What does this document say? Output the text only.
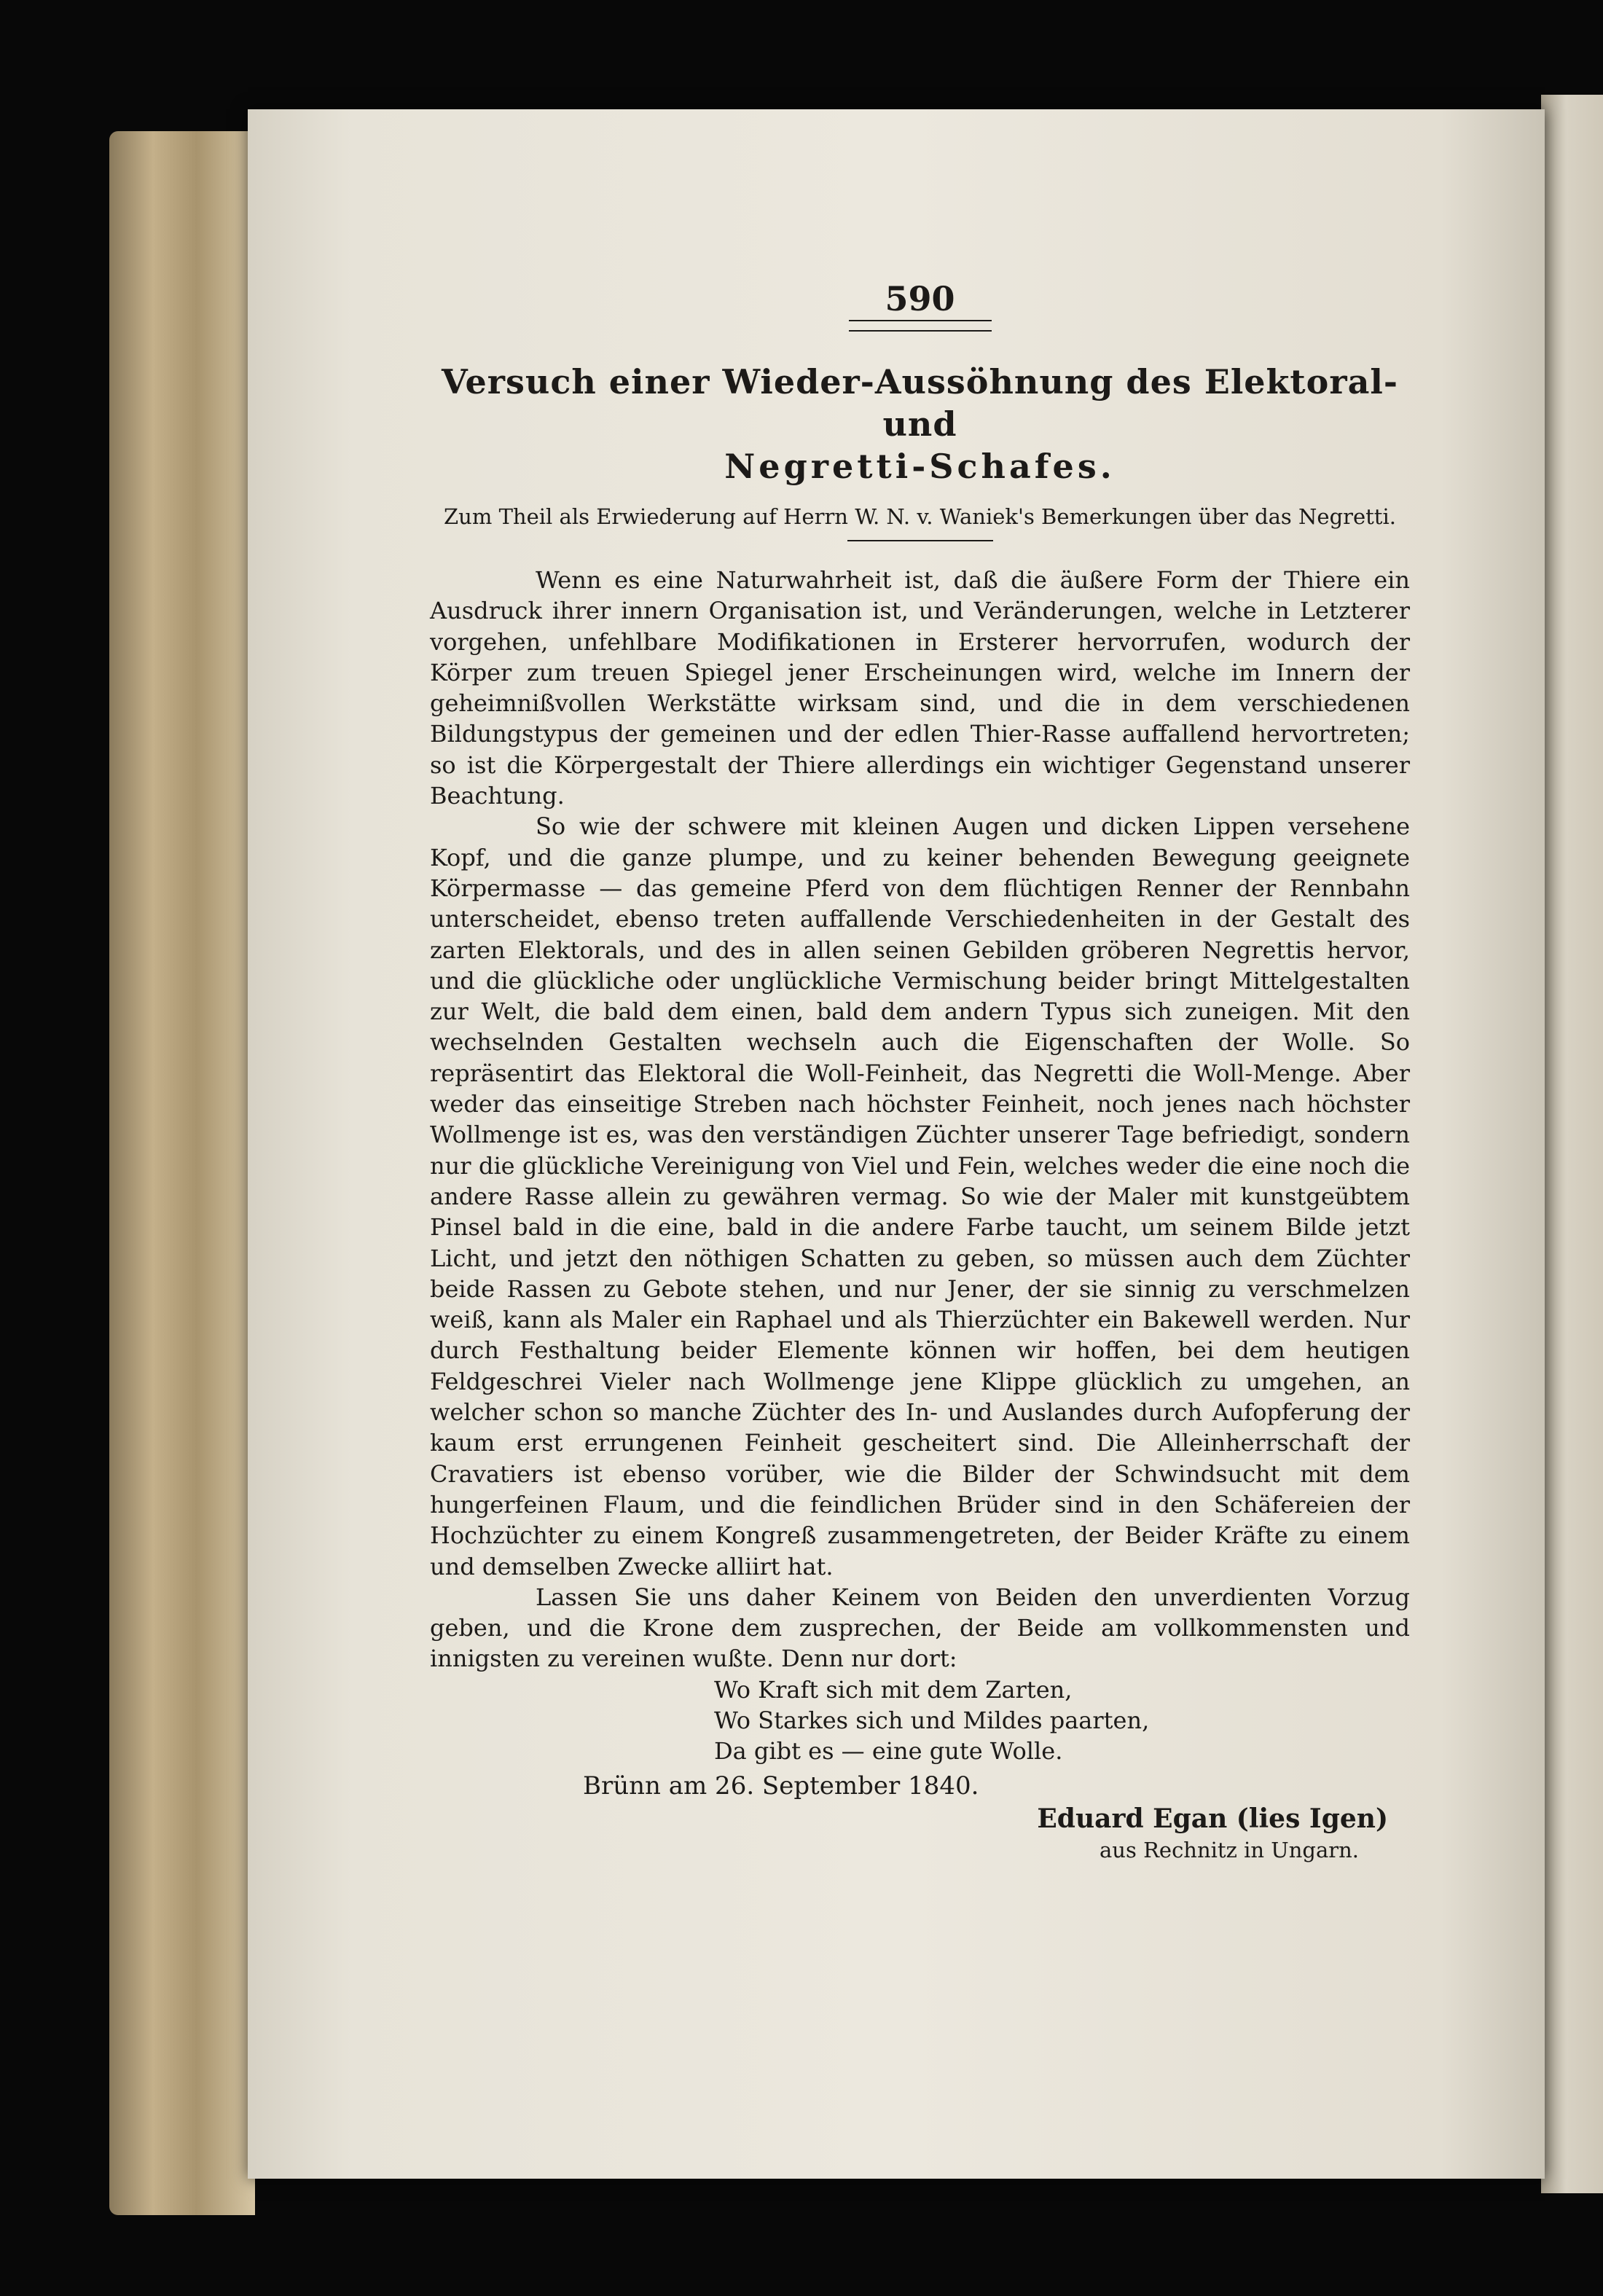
590
Versuch einer Wieder-Aussöhnung des Elektoral- und
Negretti-Schafes.
Zum Theil als Erwiederung auf Herrn W. N. v. Waniek's Bemerkungen über das Negretti.

Wenn es eine Naturwahrheit ist, daß die äußere Form der Thiere ein Ausdruck ihrer innern Organisation ist, und Veränderungen, welche in Letzterer vorgehen, unfehlbare Modifikationen in Ersterer hervorrufen, wodurch der Körper zum treuen Spiegel jener Erscheinungen wird, welche im Innern der geheimnißvollen Werkstätte wirksam sind, und die in dem verschiedenen Bildungstypus der gemeinen und der edlen Thier-Rasse auffallend hervortreten; so ist die Körpergestalt der Thiere allerdings ein wichtiger Gegenstand unserer Beachtung.

So wie der schwere mit kleinen Augen und dicken Lippen versehene Kopf, und die ganze plumpe, und zu keiner behenden Bewegung geeignete Körpermasse — das gemeine Pferd von dem flüchtigen Renner der Rennbahn unterscheidet, ebenso treten auffallende Verschiedenheiten in der Gestalt des zarten Elektorals, und des in allen seinen Gebilden gröberen Negrettis hervor, und die glückliche oder unglückliche Vermischung beider bringt Mittelgestalten zur Welt, die bald dem einen, bald dem andern Typus sich zuneigen. Mit den wechselnden Gestalten wechseln auch die Eigenschaften der Wolle. So repräsentirt das Elektoral die Woll-Feinheit, das Negretti die Woll-Menge. Aber weder das einseitige Streben nach höchster Feinheit, noch jenes nach höchster Wollmenge ist es, was den verständigen Züchter unserer Tage befriedigt, sondern nur die glückliche Vereinigung von Viel und Fein, welches weder die eine noch die andere Rasse allein zu gewähren vermag. So wie der Maler mit kunstgeübtem Pinsel bald in die eine, bald in die andere Farbe taucht, um seinem Bilde jetzt Licht, und jetzt den nöthigen Schatten zu geben, so müssen auch dem Züchter beide Rassen zu Gebote stehen, und nur Jener, der sie sinnig zu verschmelzen weiß, kann als Maler ein Raphael und als Thierzüchter ein Bakewell werden. Nur durch Festhaltung beider Elemente können wir hoffen, bei dem heutigen Feldgeschrei Vieler nach Wollmenge jene Klippe glücklich zu umgehen, an welcher schon so manche Züchter des In- und Auslandes durch Aufopferung der kaum erst errungenen Feinheit gescheitert sind. Die Alleinherrschaft der Cravatiers ist ebenso vorüber, wie die Bilder der Schwindsucht mit dem hungerfeinen Flaum, und die feindlichen Brüder sind in den Schäfereien der Hochzüchter zu einem Kongreß zusammengetreten, der Beider Kräfte zu einem und demselben Zwecke alliirt hat.

Lassen Sie uns daher Keinem von Beiden den unverdienten Vorzug geben, und die Krone dem zusprechen, der Beide am vollkommensten und innigsten zu vereinen wußte. Denn nur dort:

Wo Kraft sich mit dem Zarten,
Wo Starkes sich und Mildes paarten,
Da gibt es — eine gute Wolle.
Brünn am 26. September 1840.
Eduard Egan (lies Igen)
aus Rechnitz in Ungarn.
